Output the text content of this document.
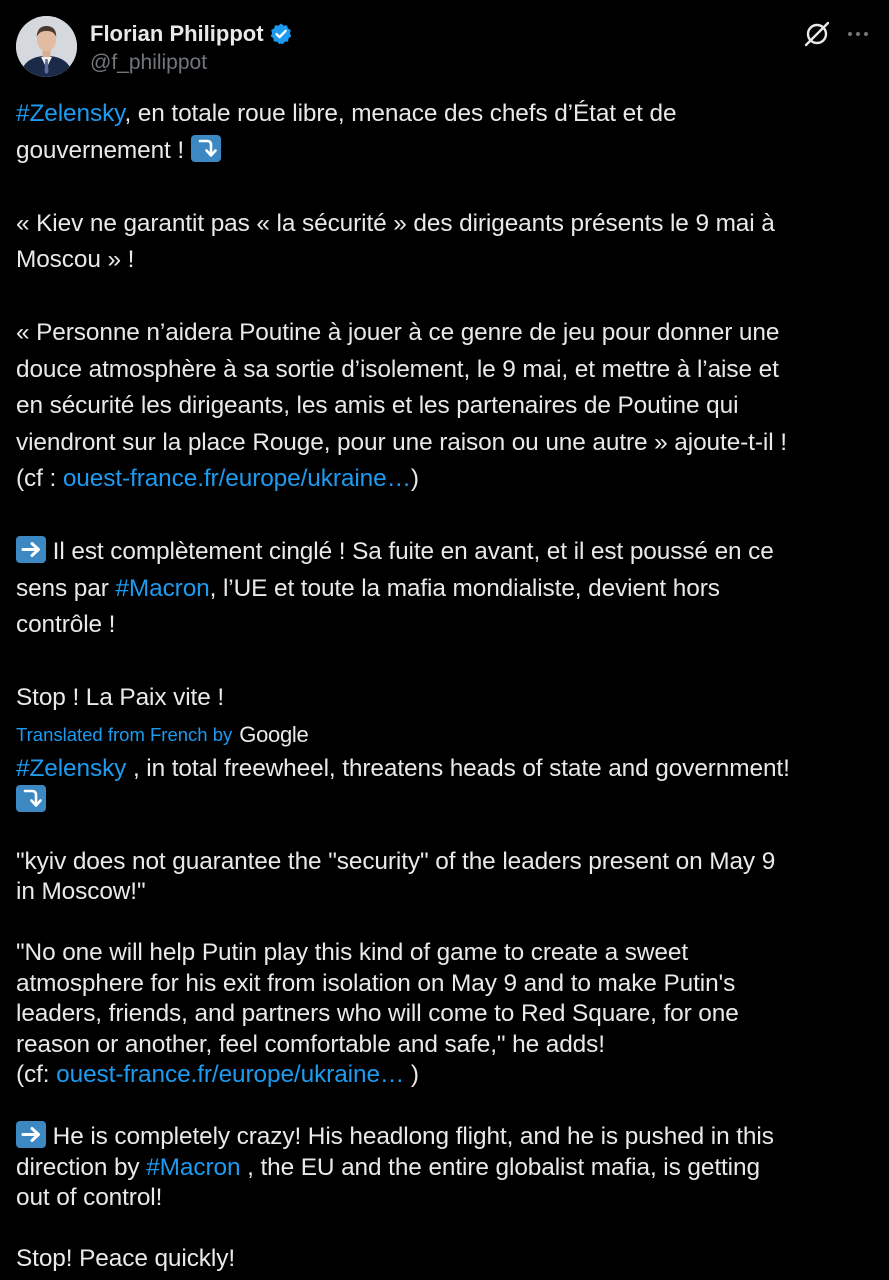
Florian Philippot
@f_philippot

#Zelensky, en totale roue libre, menace des chefs d’État et de

gouvernement !

« Kiev ne garantit pas « la sécurité » des dirigeants présents le 9 mai à

Moscou » !

« Personne n’aidera Poutine à jouer à ce genre de jeu pour donner une

douce atmosphère à sa sortie d’isolement, le 9 mai, et mettre à l’aise et

en sécurité les dirigeants, les amis et les partenaires de Poutine qui

viendront sur la place Rouge, pour une raison ou une autre » ajoute-t-il !

(cf : ouest-france.fr/europe/ukraine…)

Il est complètement cinglé ! Sa fuite en avant, et il est poussé en ce

sens par #Macron, l’UE et toute la mafia mondialiste, devient hors

contrôle !

Stop ! La Paix vite !

Translated from French by Google

#Zelensky , in total freewheel, threatens heads of state and government!

"kyiv does not guarantee the "security" of the leaders present on May 9

in Moscow!"

"No one will help Putin play this kind of game to create a sweet

atmosphere for his exit from isolation on May 9 and to make Putin's

leaders, friends, and partners who will come to Red Square, for one

reason or another, feel comfortable and safe," he adds!

(cf: ouest-france.fr/europe/ukraine… )

He is completely crazy! His headlong flight, and he is pushed in this

direction by #Macron , the EU and the entire globalist mafia, is getting

out of control!

Stop! Peace quickly!
